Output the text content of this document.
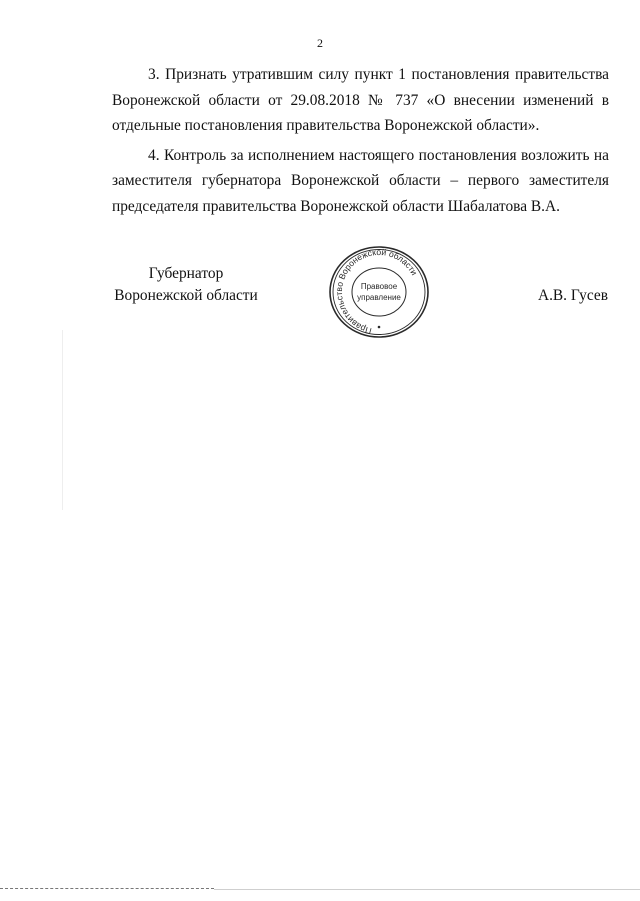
2

3. Признать утратившим силу пункт 1 постановления правительства Воронежской области от 29.08.2018 № 737 «О внесении изменений в отдельные постановления правительства Воронежской области».

4. Контроль за исполнением настоящего постановления возложить на заместителя губернатора Воронежской области – первого заместителя председателя правительства Воронежской области Шабалатова В.А.

Губернатор
Воронежской области
Правительство Воронежской области
Правовое
управление	А.В. Гусев
